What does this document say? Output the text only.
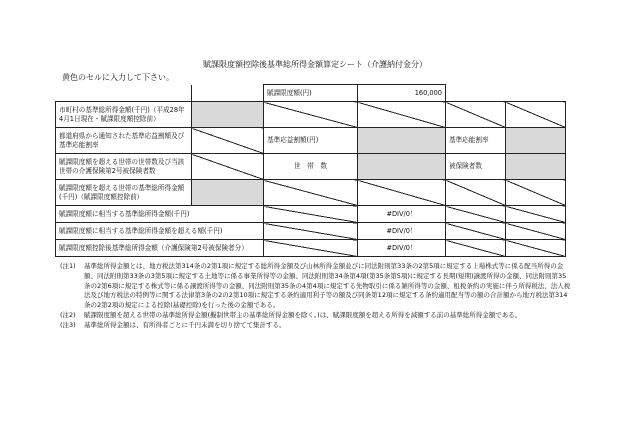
賦課限度額控除後基準総所得金額算定シート（介護納付金分）
黄色のセルに入力して下さい。
		賦課限度額(円)	160,000		
市町村の基準総所得金額(千円)（平成28年4月1日現在・賦課限度額控除前）					
都道府県から通知された基準応益割額及び基準応能割率		基準応益割額(円)		基準応能割率	
賦課限度額を超える世帯の世帯数及び当該世帯の介護保険第2号被保険者数		世　帯　数		被保険者数	
賦課限度額を超える世帯の基準総所得金額(千円)（賦課限度額控除前）					
賦課限度額に相当する基準総所得金額(千円)			#DIV/0！		
賦課限度額に相当する基準総所得金額を超える額(千円)			#DIV/0！		
賦課限度額控除後基準総所得金額（介護保険第2号被保険者分）			#DIV/0！		
(注1)	基準総所得金額とは、地方税法第314条の2第1項に規定する総所得金額及び山林所得金額並びに同法附則第33条の2第5項に規定する上場株式等に係る配当所得の金額、同法附則第33条の3第5項に規定する土地等に係る事業所得等の金額、同法附則第34条第4項(第35条第5項)に規定する長期(短期)譲渡所得の金額、同法附則第35条の2第6項に規定する株式等に係る譲渡所得等の金額、同法附則第35条の4第4項に規定する先物取引に係る雑所得等の金額、租税条約の実施に伴う所得税法、法人税法及び地方税法の特例等に関する法律第3条の2の2第10項に規定する条約適用利子等の額及び同条第12項に規定する条約適用配当等の額の合計額から地方税法第314条の2第2項の規定による控除(基礎控除)を行った後の金額である。
(注2)	賦課限度額を超える世帯の基準総所得金額(擬制世帯主の基準総所得金額を除く。)は、賦課限度額を超える所得を減額する前の基準総所得金額である。
(注3)	基準総所得金額は、有所得者ごとに千円未満を切り捨てて集計する。
